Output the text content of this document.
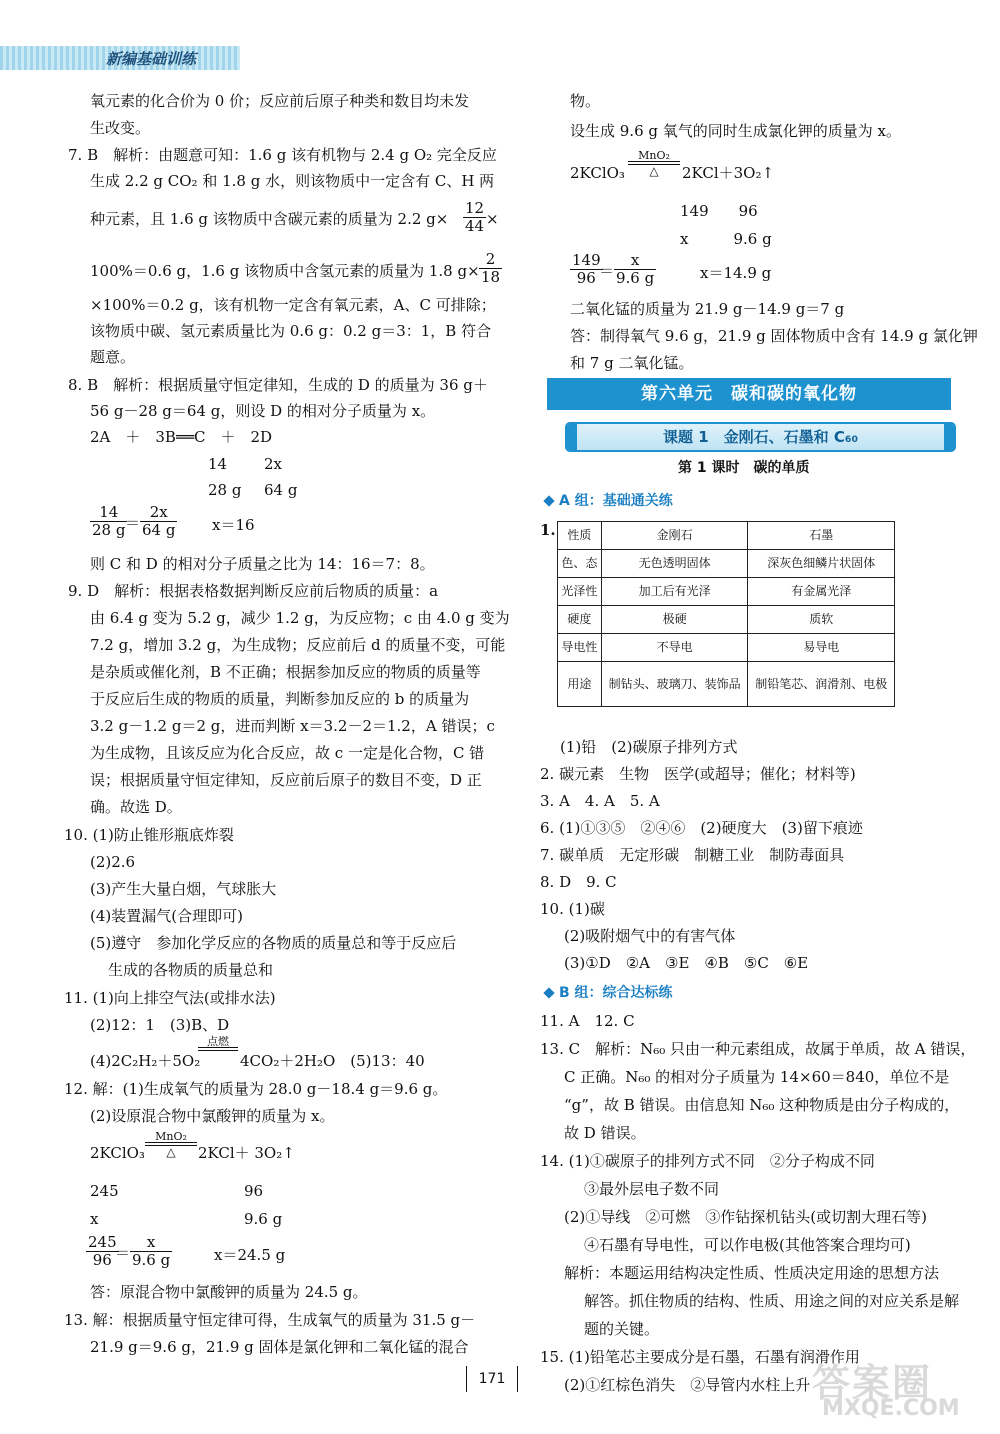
新编基础训练
氧元素的化合价为 0 价；反应前后原子种类和数目均未发
生改变。
7. B　解析：由题意可知：1.6 g 该有机物与 2.4 g O₂ 完全反应
生成 2.2 g CO₂ 和 1.8 g 水，则该物质中一定含有 C、H 两
种元素，且 1.6 g 该物质中含碳元素的质量为 2.2 $g\times \frac{12}{44}$ ×
100%＝0.6 g，1.6 g 该物质中含氢元素的质量为 1.8 $g\times \frac{2}{18}$
×100%＝0.2 g，该有机物一定含有氧元素，A、C 可排除；
该物质中碳、氢元素质量比为 0.6 g：0.2 g＝3：1，B 符合
题意。
8. B　解析：根据质量守恒定律知，生成的 D 的质量为 36 g＋
56 g－28 g＝64 g，则设 D 的相对分子质量为 x。
2A　＋　3B══C　＋　2D
14 2x
28 g 64 g
$\frac{14}{28 g}$
＝ $\frac{2x}{64 g} x=16$
则 C 和 D 的相对分子质量之比为 14：16＝7：8。
9. D　解析：根据表格数据判断反应前后物质的质量：a
由 6.4 g 变为 5.2 g，减少 1.2 g，为反应物；c 由 4.0 g 变为
7.2 g，增加 3.2 g，为生成物；反应前后 d 的质量不变，可能
是杂质或催化剂，B 不正确；根据参加反应的物质的质量等
于反应后生成的物质的质量，判断参加反应的 b 的质量为
3.2 g－1.2 g＝2 g，进而判断 x＝3.2－2＝1.2，A 错误；c
为生成物，且该反应为化合反应，故 c 一定是化合物，C 错
误；根据质量守恒定律知，反应前后原子的数目不变，D 正
确。故选 D。
10. (1)防止锥形瓶底炸裂
(2)2.6
(3)产生大量白烟，气球胀大
(4)装置漏气(合理即可)
(5)遵守　参加化学反应的各物质的质量总和等于反应后
生成的各物质的质量总和
11. (1)向上排空气法(或排水法)
(2)12：1　(3)B、D
(4)2C₂H₂＋5O₂
点燃
4CO₂＋2H₂O　(5)13：40
12. 解：(1)生成氧气的质量为 28.0 g－18.4 g＝9.6 g。
(2)设原混合物中氯酸钾的质量为 x。
2KClO₃
MnO₂
△	2KCl＋ 3O₂↑
245	96
x	9.6 g
$\frac{245}{96}$
＝ $\frac{x}{9.6 g}$	x＝24.5 g
答：原混合物中氯酸钾的质量为 24.5 g。
13. 解：根据质量守恒定律可得，生成氧气的质量为 31.5 g－
21.9 g＝9.6 g，21.9 g 固体是氯化钾和二氧化锰的混合
物。
设生成 9.6 g 氧气的同时生成氯化钾的质量为 x。
2KClO₃
MnO₂
△	2KCl＋3O₂↑
149　　96
x　　　9.6 g
$\frac{149}{96}$
＝ $\frac{x}{9.6 g}$	x＝14.9 g
二氧化锰的质量为 21.9 g－14.9 g＝7 g
答：制得氧气 9.6 g，21.9 g 固体物质中含有 14.9 g 氯化钾
和 7 g 二氧化锰。
第六单元　碳和碳的氧化物
课题 1　金刚石、石墨和 C₆₀
第 1 课时　碳的单质
A 组：基础通关练
1. 性质	金刚石	石墨
色、态	无色透明固体	深灰色细鳞片状固体
光泽性	加工后有光泽	有金属光泽
硬度	极硬	质软
导电性	不导电	易导电
用途	制钻头、玻璃刀、装饰品	制铅笔芯、润滑剂、电极
(1)铅　(2)碳原子排列方式
2. 碳元素　生物　医学(或超导；催化；材料等)
3. A　4. A　5. A
6. (1)①③⑤　②④⑥　(2)硬度大　(3)留下痕迹
7. 碳单质　无定形碳　制糖工业　制防毒面具
8. D　9. C
10. (1)碳
(2)吸附烟气中的有害气体
(3)①D　②A　③E　④B　⑤C　⑥E
B 组：综合达标练
11. A　12. C
13. C　解析：N₆₀ 只由一种元素组成，故属于单质，故 A 错误，
C 正确。N₆₀ 的相对分子质量为 14×60＝840，单位不是
“g”，故 B 错误。由信息知 N₆₀ 这种物质是由分子构成的，
故 D 错误。
14. (1)①碳原子的排列方式不同　②分子构成不同
③最外层电子数不同
(2)①导线　②可燃　③作钻探机钻头(或切割大理石等)
④石墨有导电性，可以作电极(其他答案合理均可)
解析：本题运用结构决定性质、性质决定用途的思想方法
解答。抓住物质的结构、性质、用途之间的对应关系是解
题的关键。
15. (1)铅笔芯主要成分是石墨，石墨有润滑作用
(2)①红棕色消失　②导管内水柱上升
171	答案圈
MXQE.COM
